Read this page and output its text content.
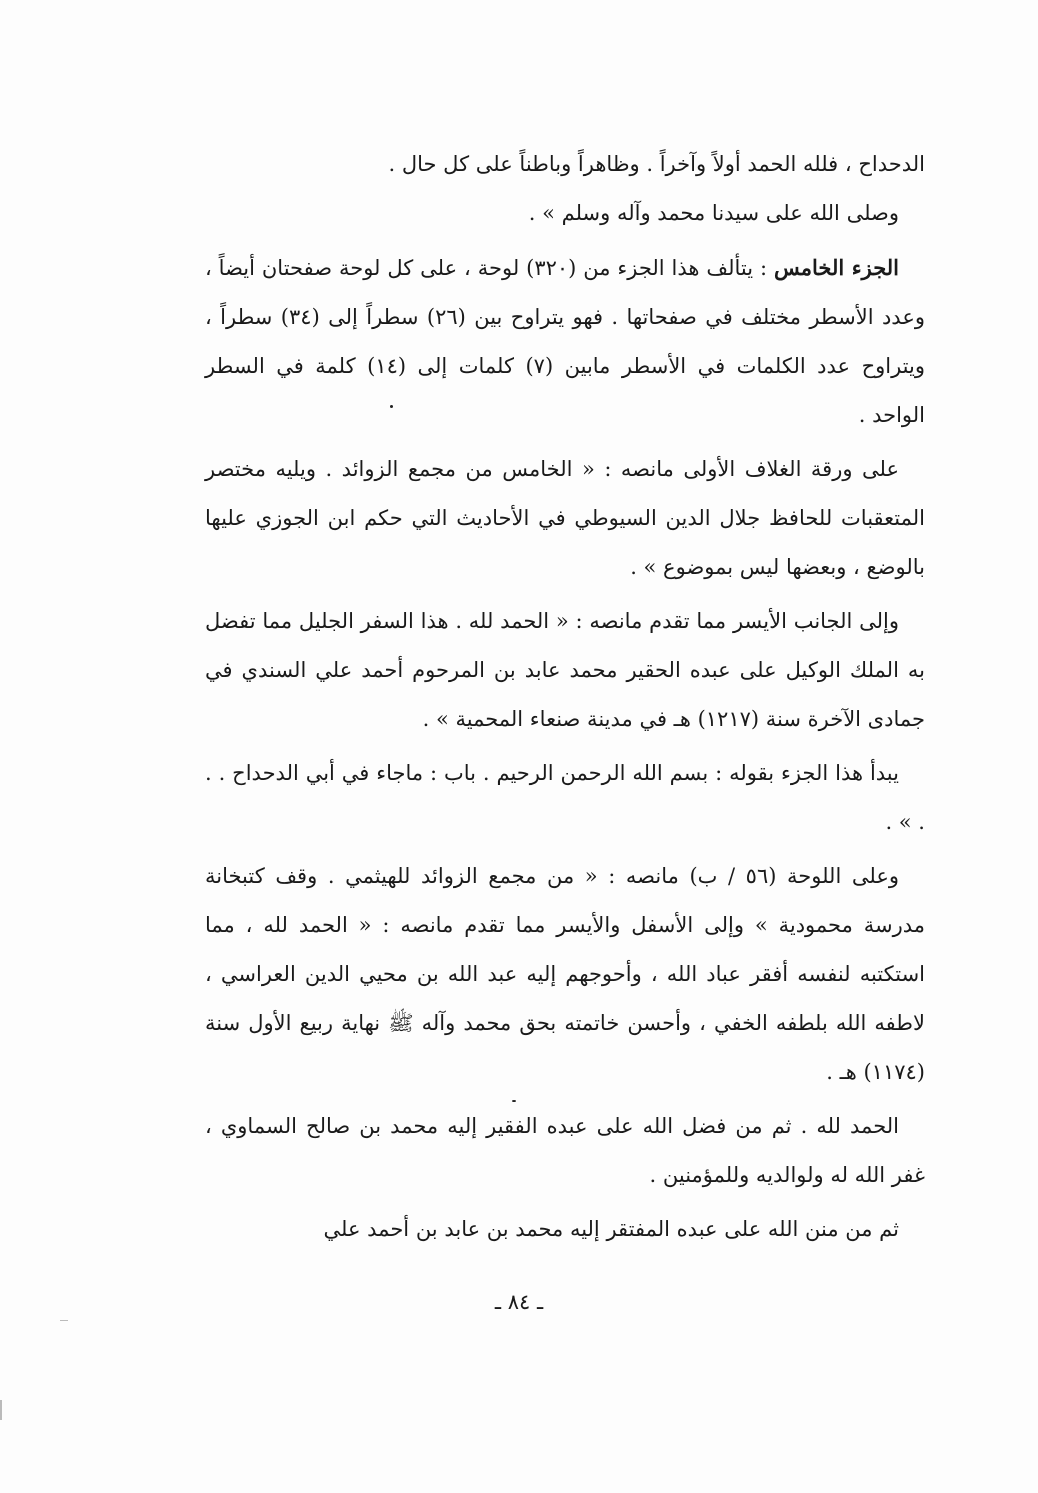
الدحداح ، فلله الحمد أولاً وآخراً . وظاهراً وباطناً على كل حال .

وصلى الله على سيدنا محمد وآله وسلم » .

الجزء الخامس : يتألف هذا الجزء من (٣٢٠) لوحة ، على كل لوحة صفحتان أيضاً ، وعدد الأسطر مختلف في صفحاتها . فهو يتراوح بين (٢٦) سطراً إلى (٣٤) سطراً ، ويتراوح عدد الكلمات في الأسطر مابين (٧) كلمات إلى (١٤) كلمة في السطر الواحد .

على ورقة الغلاف الأولى مانصه : « الخامس من مجمع الزوائد . ويليه مختصر المتعقبات للحافظ جلال الدين السيوطي في الأحاديث التي حكم ابن الجوزي عليها بالوضع ، وبعضها ليس بموضوع » .

وإلى الجانب الأيسر مما تقدم مانصه : « الحمد لله . هذا السفر الجليل مما تفضل به الملك الوكيل على عبده الحقير محمد عابد بن المرحوم أحمد علي السندي في جمادى الآخرة سنة (١٢١٧) هـ في مدينة صنعاء المحمية » .

يبدأ هذا الجزء بقوله : بسم الله الرحمن الرحيم . باب : ماجاء في أبي الدحداح . . . » .

وعلى اللوحة (٥٦ / ب) مانصه : « من مجمع الزوائد للهيثمي . وقف كتبخانة مدرسة محمودية » وإلى الأسفل والأيسر مما تقدم مانصه : « الحمد لله ، مما استكتبه لنفسه أفقر عباد الله ، وأحوجهم إليه عبد الله بن محيي الدين العراسي ، لاطفه الله بلطفه الخفي ، وأحسن خاتمته بحق محمد وآله ﷺ نهاية ربيع الأول سنة (١١٧٤) هـ .

الحمد لله . ثم من فضل الله على عبده الفقير إليه محمد بن صالح السماوي ، غفر الله له ولوالديه وللمؤمنين .

ثم من منن الله على عبده المفتقر إليه محمد بن عابد بن أحمد علي

ـ ٨٤ ـ
